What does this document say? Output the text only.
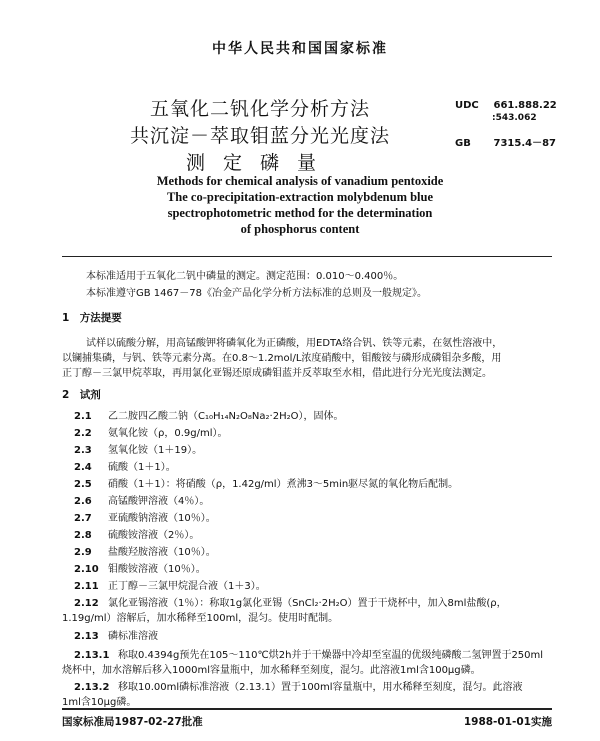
中华人民共和国国家标准
五氧化二钒化学分析方法
共沉淀－萃取钼蓝分光光度法
测定磷量
UDC 661.888.22
:543.062
GB 7315.4－87
Methods for chemical analysis of vanadium pentoxide
The co-precipitation-extraction molybdenum blue
spectrophotometric method for the determination
of phosphorus content
本标准适用于五氧化二钒中磷量的测定。测定范围：0.010～0.400％。
本标准遵守GB 1467－78《冶金产品化学分析方法标准的总则及一般规定》。
1　方法提要
试样以硫酸分解，用高锰酸钾将磷氧化为正磷酸，用EDTA络合钒、铁等元素，在氨性溶液中，
以镧捕集磷，与钒、铁等元素分离。在0.8～1.2mol/L浓度硝酸中，钼酸铵与磷形成磷钼杂多酸，用
正丁醇－三氯甲烷萃取，再用氯化亚锡还原成磷钼蓝并反萃取至水相，借此进行分光光度法测定。
2　试剂
2.1 乙二胺四乙酸二钠（C₁₀H₁₄N₂O₈Na₂·2H₂O），固体。
2.2 氨氧化铵（ρ，0.9g/ml）。
2.3 氢氧化铵（1＋19）。
2.4 硫酸（1＋1）。
2.5 硝酸（1＋1）：将硝酸（ρ，1.42g/ml）煮沸3～5min驱尽氮的氧化物后配制。
2.6 高锰酸钾溶液（4％）。
2.7 亚硫酸钠溶液（10％）。
2.8 硫酸铵溶液（2％）。
2.9 盐酸羟胺溶液（10％）。
2.10 钼酸铵溶液（10％）。
2.11 正丁醇－三氯甲烷混合液（1＋3）。
2.12 氯化亚锡溶液（1％）：称取1g氯化亚锡（SnCl₂·2H₂O）置于干烧杯中，加入8ml盐酸(ρ，
1.19g/ml）溶解后，加水稀释至100ml，混匀。使用时配制。
2.13 磷标准溶液
2.13.1 称取0.4394g预先在105～110℃烘2h并于干燥器中冷却至室温的优级纯磷酸二氢钾置于250ml
烧杯中，加水溶解后移入1000ml容量瓶中，加水稀释至刻度，混匀。此溶液1ml含100μg磷。
2.13.2 移取10.00ml磷标准溶液（2.13.1）置于100ml容量瓶中，用水稀释至刻度，混匀。此溶液
1ml含10μg磷。
国家标准局1987-02-27批准	1988-01-01实施
